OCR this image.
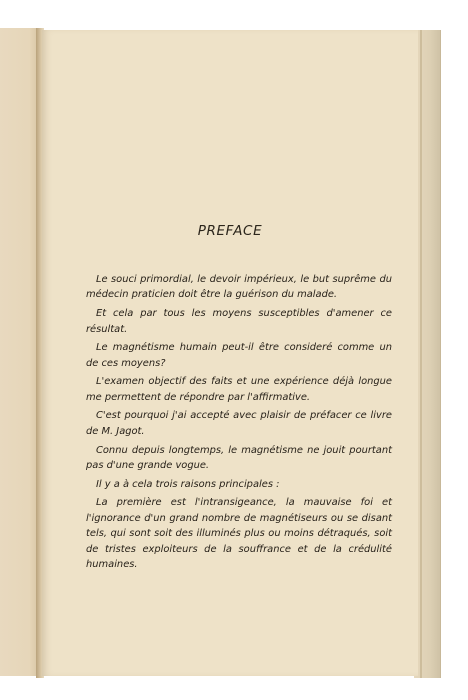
PREFACE

Le souci primordial, le devoir impérieux, le but suprême du médecin praticien doit être la guérison du malade.

Et cela par tous les moyens susceptibles d'amener ce résultat.

Le magnétisme humain peut-il être consideré comme un de ces moyens?

L'examen objectif des faits et une expérience déjà longue me permettent de répondre par l'affirmative.

C'est pourquoi j'ai accepté avec plaisir de préfacer ce livre de M. Jagot.

Connu depuis longtemps, le magnétisme ne jouit pourtant pas d'une grande vogue.

Il y a à cela trois raisons principales :

La première est l'intransigeance, la mauvaise foi et l'ignorance d'un grand nombre de magnétiseurs ou se disant tels, qui sont soit des illuminés plus ou moins détraqués, soit de tristes exploiteurs de la souffrance et de la crédulité humaines.
